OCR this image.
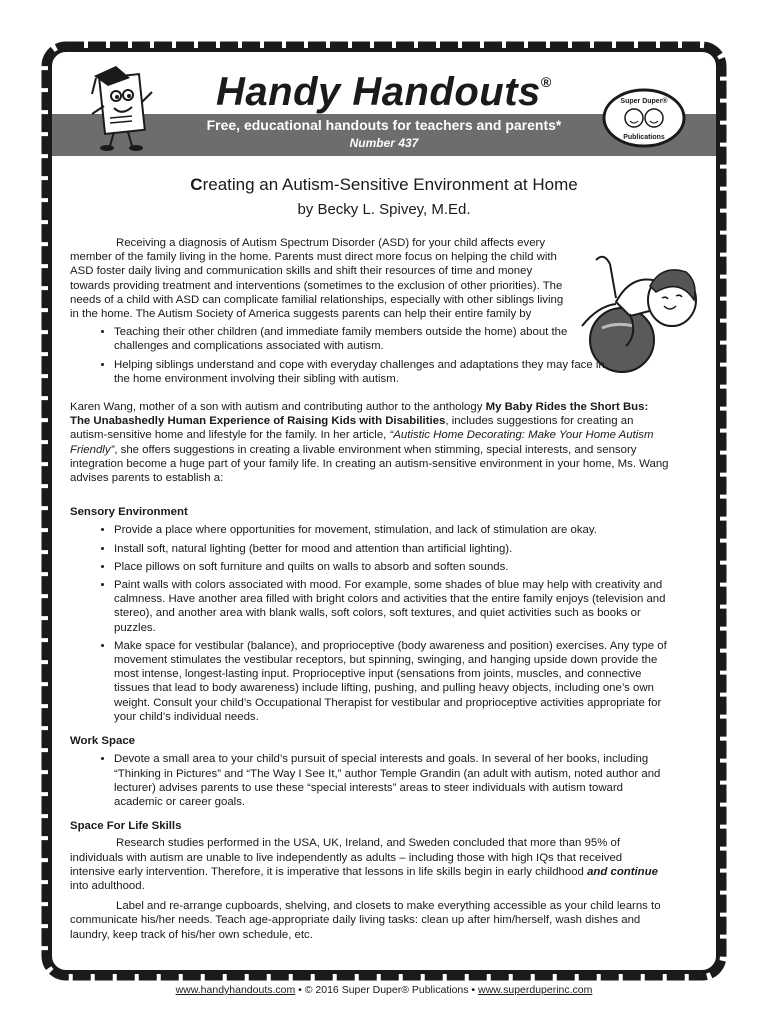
Free, educational handouts for teachers and parents*
Number 437
Handy Handouts®
Super Duper®
Publications
Creating an Autism-Sensitive Environment at Home
by Becky L. Spivey, M.Ed.

Receiving a diagnosis of Autism Spectrum Disorder (ASD) for your child affects every member of the family living in the home. Parents must direct more focus on helping the child with ASD foster daily living and communication skills and shift their resources of time and money towards providing treatment and interventions (sometimes to the exclusion of other priorities). The needs of a child with ASD can complicate familial relationships, especially with other siblings living in the home. The Autism Society of America suggests parents can help their entire family by

• Teaching their other children (and immediate family members outside the home) about the challenges and complications associated with autism.
• Helping siblings understand and cope with everyday challenges and adaptations they may face in the home environment involving their sibling with autism.

Karen Wang, mother of a son with autism and contributing author to the anthology My Baby Rides the Short Bus: The Unabashedly Human Experience of Raising Kids with Disabilities, includes suggestions for creating an autism-sensitive home and lifestyle for the family. In her article, “Autistic Home Decorating: Make Your Home Autism Friendly”, she offers suggestions in creating a livable environment when stimming, special interests, and sensory integration become a huge part of your family life. In creating an autism-sensitive environment in your home, Ms. Wang advises parents to establish a:

Sensory Environment
• Provide a place where opportunities for movement, stimulation, and lack of stimulation are okay.
• Install soft, natural lighting (better for mood and attention than artificial lighting).
• Place pillows on soft furniture and quilts on walls to absorb and soften sounds.
• Paint walls with colors associated with mood. For example, some shades of blue may help with creativity and calmness. Have another area filled with bright colors and activities that the entire family enjoys (television and stereo), and another area with blank walls, soft colors, soft textures, and quiet activities such as books or puzzles.
• Make space for vestibular (balance), and proprioceptive (body awareness and position) exercises. Any type of movement stimulates the vestibular receptors, but spinning, swinging, and hanging upside down provide the most intense, longest-lasting input. Proprioceptive input (sensations from joints, muscles, and connective tissues that lead to body awareness) include lifting, pushing, and pulling heavy objects, including one’s own weight. Consult your child’s Occupational Therapist for vestibular and proprioceptive activities appropriate for your child’s individual needs.
Work Space
• Devote a small area to your child’s pursuit of special interests and goals. In several of her books, including “Thinking in Pictures” and “The Way I See It,” author Temple Grandin (an adult with autism, noted author and lecturer) advises parents to use these “special interests” areas to steer individuals with autism toward academic or career goals.
Space For Life Skills

Research studies performed in the USA, UK, Ireland, and Sweden concluded that more than 95% of individuals with autism are unable to live independently as adults – including those with high IQs that received intensive early intervention. Therefore, it is imperative that lessons in life skills begin in early childhood and continue into adulthood.

Label and re-arrange cupboards, shelving, and closets to make everything accessible as your child learns to communicate his/her needs. Teach age-appropriate daily living tasks: clean up after him/herself, wash dishes and laundry, keep track of his/her own schedule, etc.

www.handyhandouts.com • © 2016 Super Duper® Publications • www.superduperinc.com
